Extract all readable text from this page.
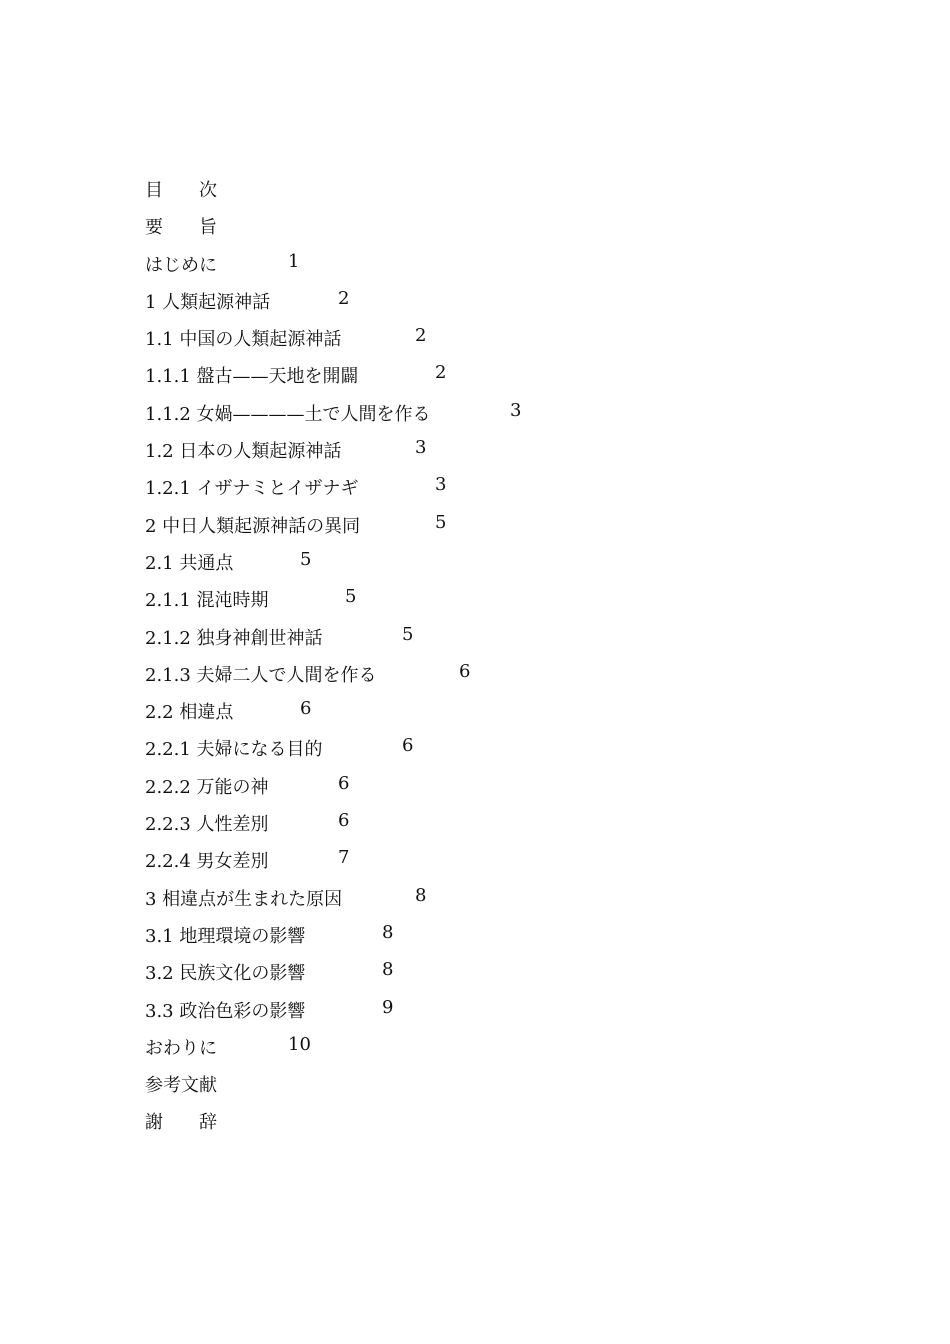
目　　次
要　　旨
はじめに	1
1 人類起源神話	2
1.1 中国の人類起源神話	2
1.1.1 盤古——天地を開闢	2
1.1.2 女媧————土で人間を作る	3
1.2 日本の人類起源神話	3
1.2.1 イザナミとイザナギ	3
2 中日人類起源神話の異同	5
2.1 共通点	5
2.1.1 混沌時期	5
2.1.2 独身神創世神話	5
2.1.3 夫婦二人で人間を作る	6
2.2 相違点	6
2.2.1 夫婦になる目的	6
2.2.2 万能の神	6
2.2.3 人性差別	6
2.2.4 男女差別	7
3 相違点が生まれた原因	8
3.1 地理環境の影響	8
3.2 民族文化の影響	8
3.3 政治色彩の影響	9
おわりに	10
参考文献
謝　　辞
